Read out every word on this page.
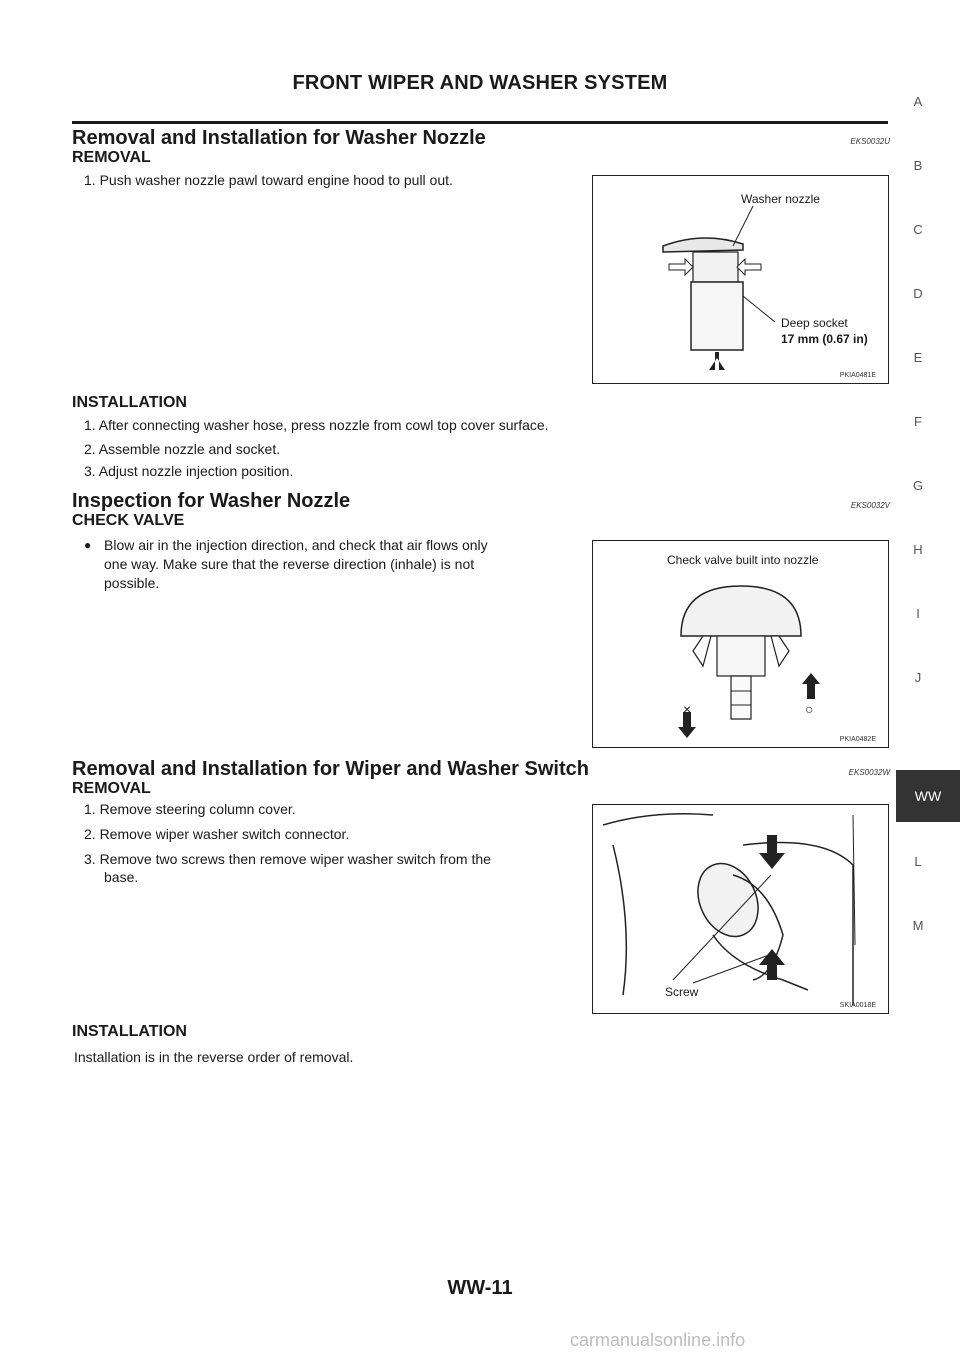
FRONT WIPER AND WASHER SYSTEM
Removal and Installation for Washer Nozzle	EKS0032U
REMOVAL
1. Push washer nozzle pawl toward engine hood to pull out.
Washer nozzle
Deep socket
17 mm (0.67 in)
PKIA0481E
INSTALLATION
1. After connecting washer hose, press nozzle from cowl top cover surface.
2. Assemble nozzle and socket.
3. Adjust nozzle injection position.
Inspection for Washer Nozzle	EKS0032V
CHECK VALVE
● Blow air in the injection direction, and check that air flows only
one way. Make sure that the reverse direction (inhale) is not
possible.
Check valve built into nozzle
×	○
PKIA0482E
Removal and Installation for Wiper and Washer Switch	EKS0032W
REMOVAL
1. Remove steering column cover.
2. Remove wiper washer switch connector.
3. Remove two screws then remove wiper washer switch from the
base.
Screw
SKIA0018E
INSTALLATION
Installation is in the reverse order of removal.
A
B
C
D
E
F
G
H
I
J
WW
L
M
WW-11
carmanualsonline.info
